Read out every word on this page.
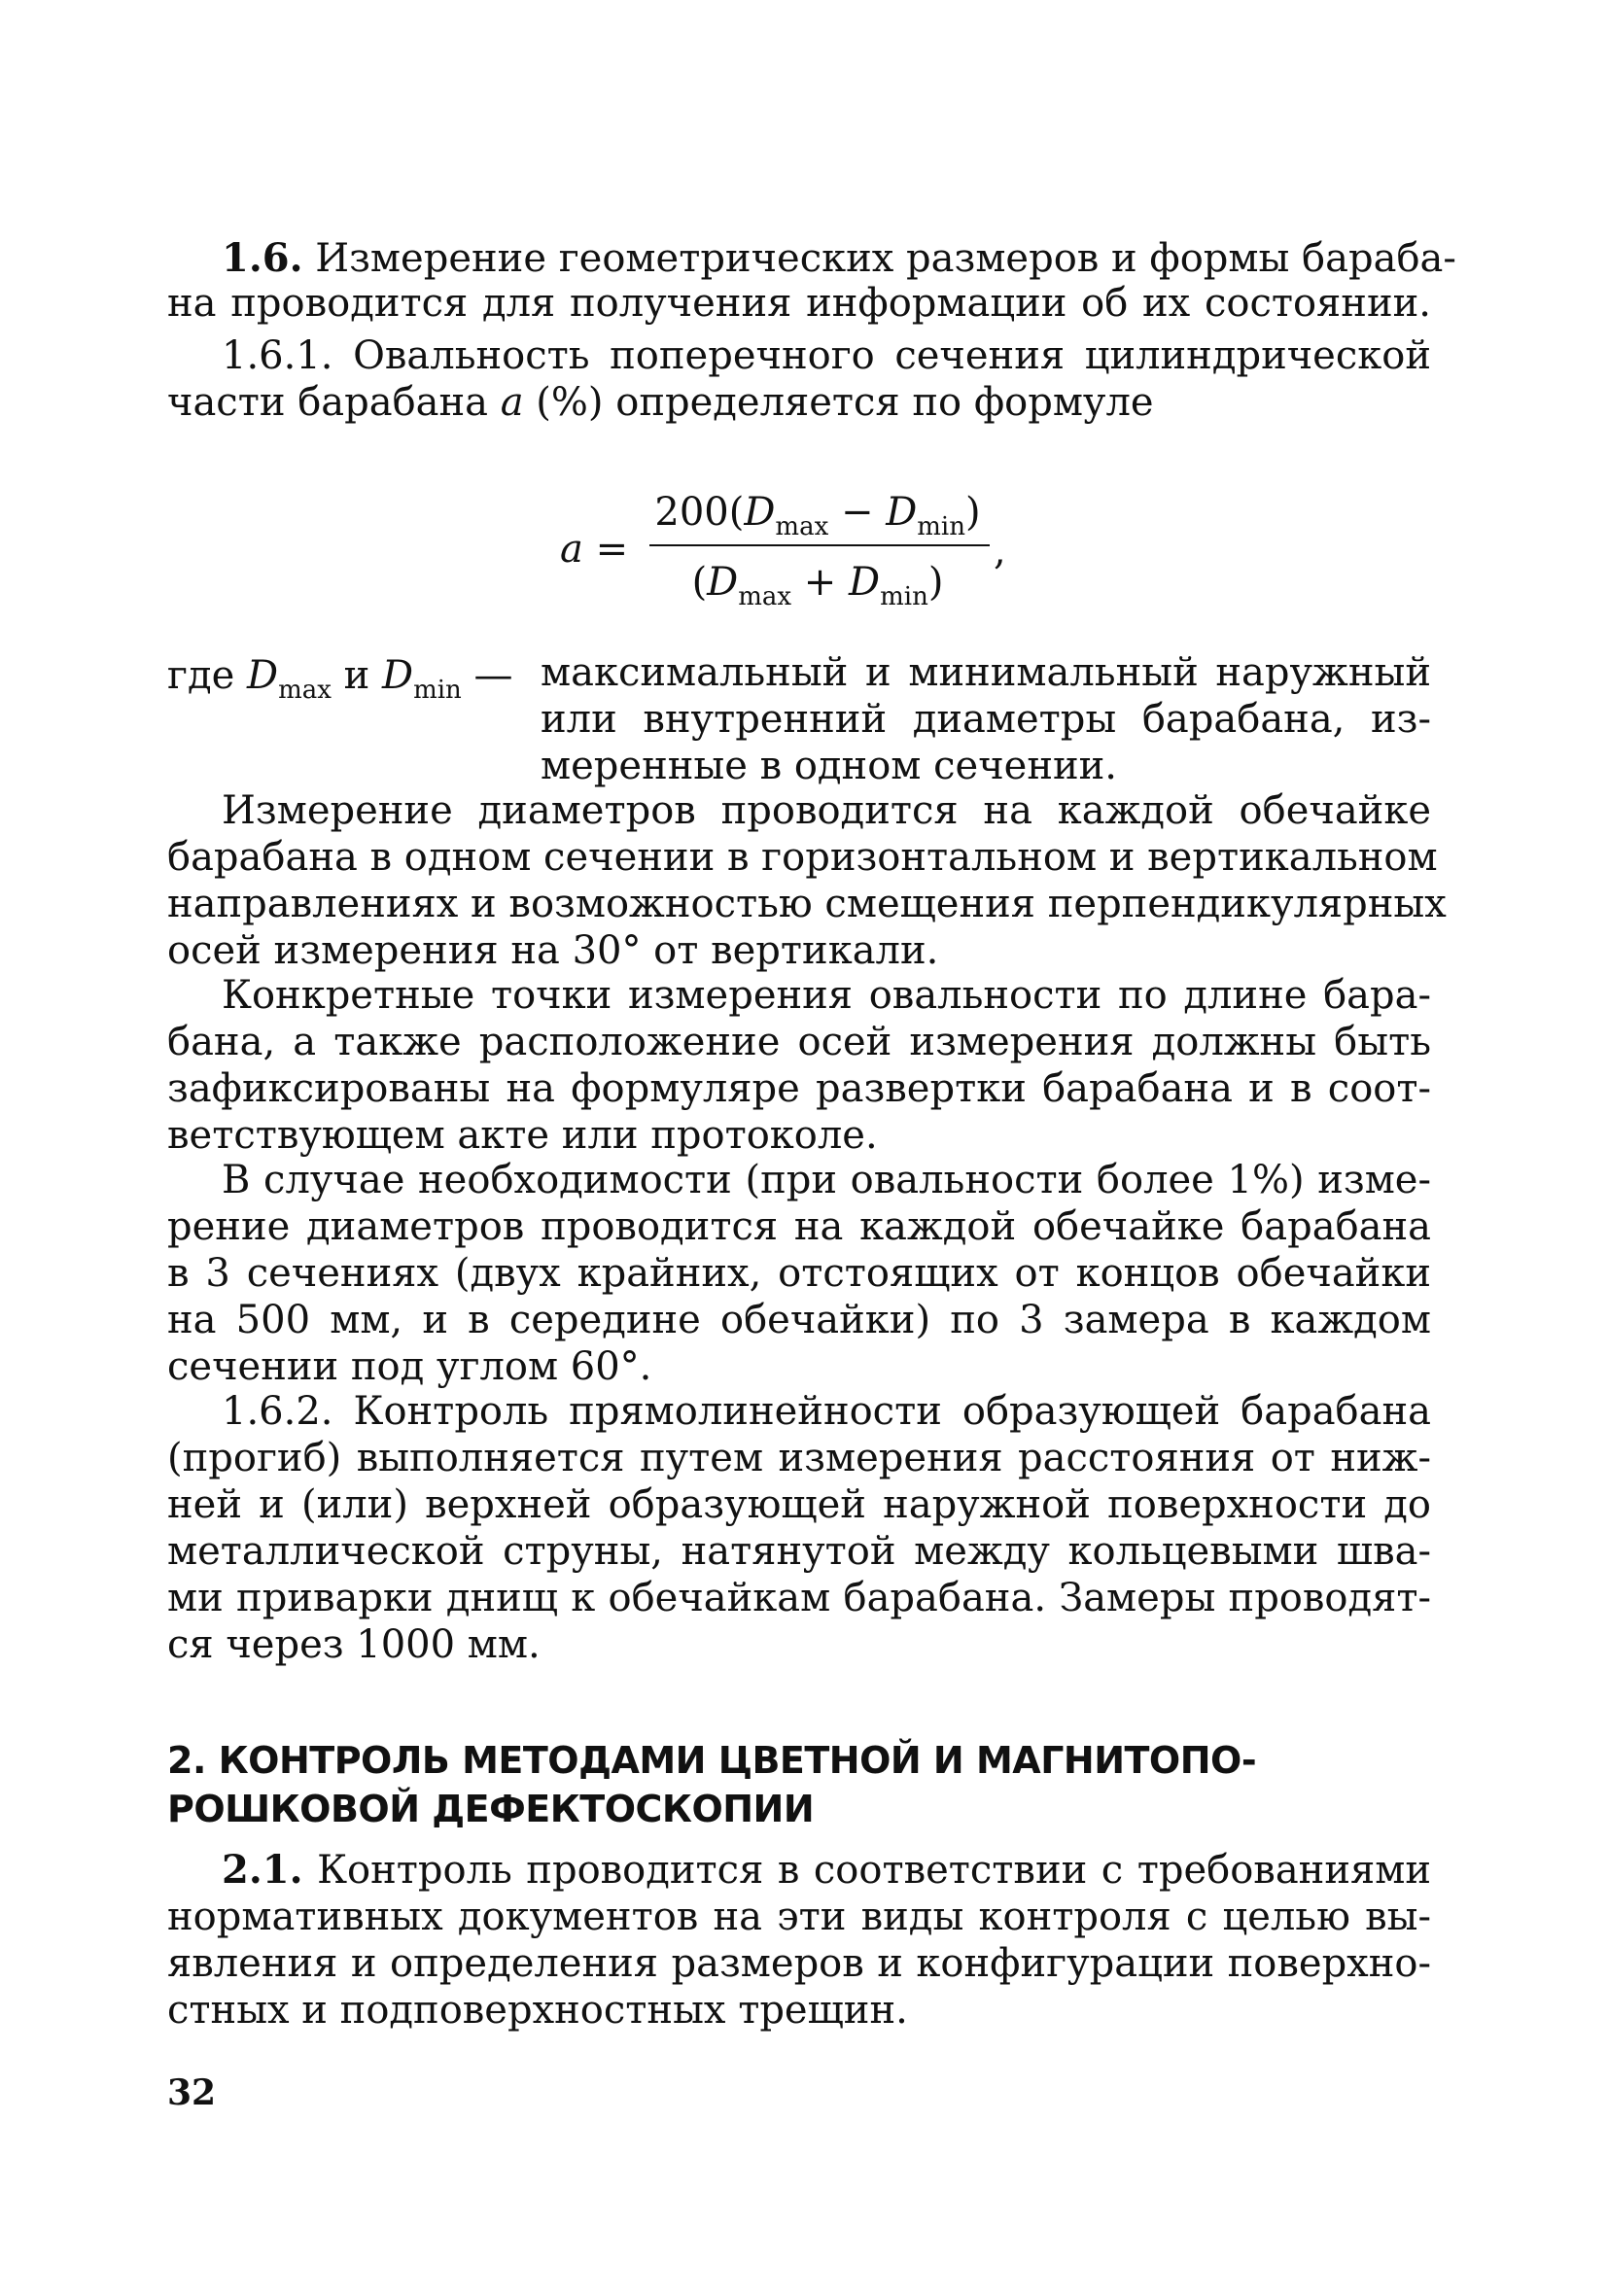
1.6. Измерение геометрических размеров и формы бараба-
на проводится для получения информации об их состоянии.
1.6.1. Овальность поперечного сечения цилиндрической
части барабана a (%) определяется по формуле
a =
$200(D_{max} - D_{min})$
$(D_{max} + D_{min})$
,
где $D_{max}$ и $D_{min}$ — максимальный и минимальный наружный
или внутренний диаметры барабана, из-
меренные в одном сечении.
Измерение диаметров проводится на каждой обечайке
барабана в одном сечении в горизонтальном и вертикальном
направлениях и возможностью смещения перпендикулярных
осей измерения на 30° от вертикали.
Конкретные точки измерения овальности по длине бара-
бана, а также расположение осей измерения должны быть
зафиксированы на формуляре развертки барабана и в соот-
ветствующем акте или протоколе.
В случае необходимости (при овальности более 1%) изме-
рение диаметров проводится на каждой обечайке барабана
в 3 сечениях (двух крайних, отстоящих от концов обечайки
на 500 мм, и в середине обечайки) по 3 замера в каждом
сечении под углом 60°.
1.6.2. Контроль прямолинейности образующей барабана
(прогиб) выполняется путем измерения расстояния от ниж-
ней и (или) верхней образующей наружной поверхности до
металлической струны, натянутой между кольцевыми шва-
ми приварки днищ к обечайкам барабана. Замеры проводят-
ся через 1000 мм.
2. КОНТРОЛЬ МЕТОДАМИ ЦВЕТНОЙ И МАГНИТОПО-
РОШКОВОЙ ДЕФЕКТОСКОПИИ
2.1. Контроль проводится в соответствии с требованиями
нормативных документов на эти виды контроля с целью вы-
явления и определения размеров и конфигурации поверхно-
стных и подповерхностных трещин.
32
